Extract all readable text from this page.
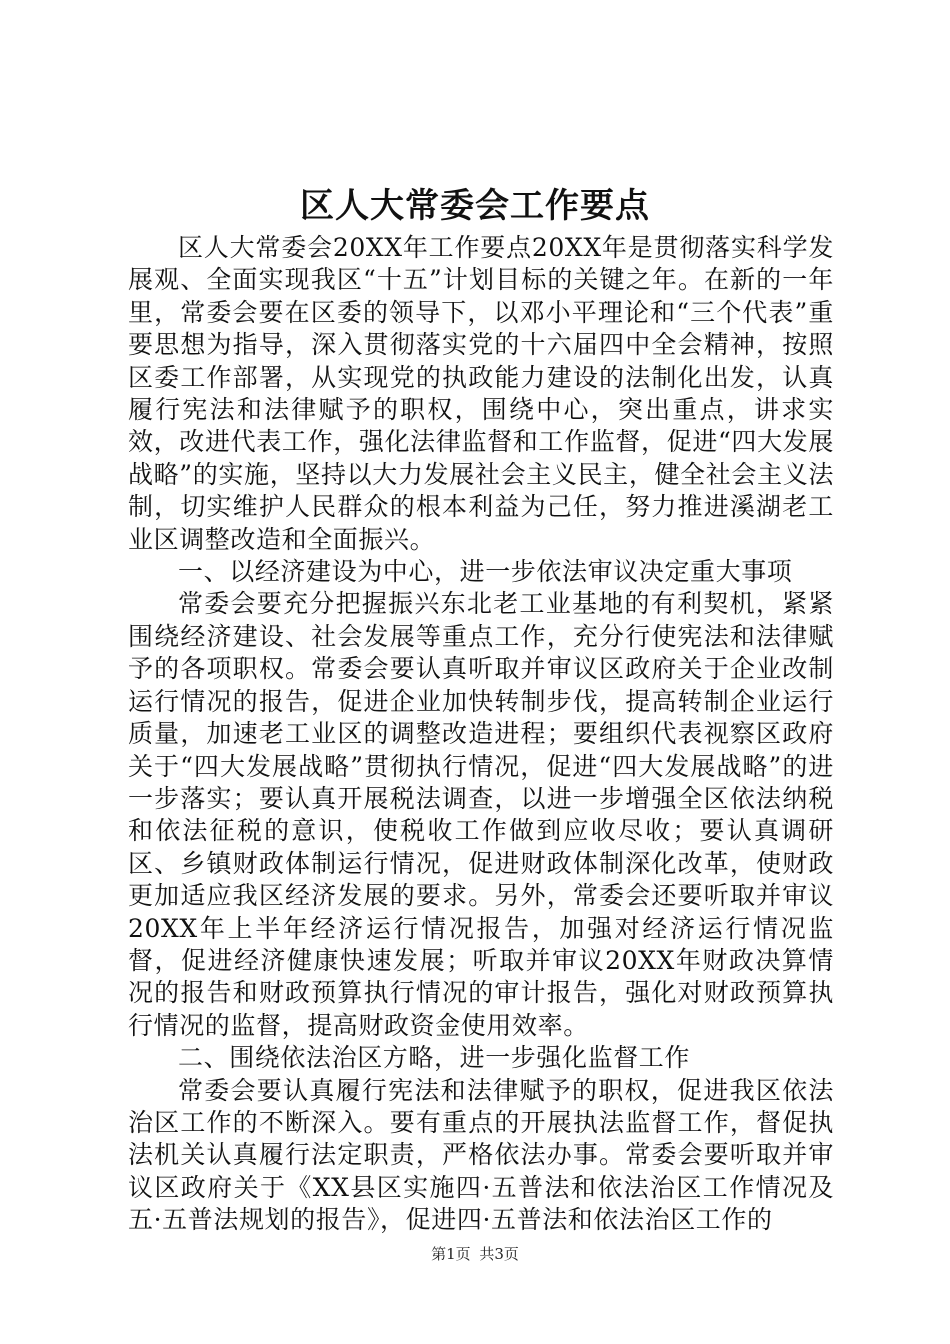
区人大常委会工作要点

区人大常委会20XX年工作要点20XX年是贯彻落实科学发展观、全面实现我区“十五”计划目标的关键之年。在新的一年里，常委会要在区委的领导下，以邓小平理论和“三个代表”重要思想为指导，深入贯彻落实党的十六届四中全会精神，按照区委工作部署，从实现党的执政能力建设的法制化出发，认真履行宪法和法律赋予的职权，围绕中心，突出重点，讲求实效，改进代表工作，强化法律监督和工作监督，促进“四大发展战略”的实施，坚持以大力发展社会主义民主，健全社会主义法制，切实维护人民群众的根本利益为己任，努力推进溪湖老工业区调整改造和全面振兴。

一、以经济建设为中心，进一步依法审议决定重大事项

常委会要充分把握振兴东北老工业基地的有利契机，紧紧围绕经济建设、社会发展等重点工作，充分行使宪法和法律赋予的各项职权。常委会要认真听取并审议区政府关于企业改制运行情况的报告，促进企业加快转制步伐，提高转制企业运行质量，加速老工业区的调整改造进程；要组织代表视察区政府关于“四大发展战略”贯彻执行情况，促进“四大发展战略”的进一步落实；要认真开展税法调查，以进一步增强全区依法纳税和依法征税的意识，使税收工作做到应收尽收；要认真调研区、乡镇财政体制运行情况，促进财政体制深化改革，使财政更加适应我区经济发展的要求。另外，常委会还要听取并审议20XX年上半年经济运行情况报告，加强对经济运行情况监督，促进经济健康快速发展；听取并审议20XX年财政决算情况的报告和财政预算执行情况的审计报告，强化对财政预算执行情况的监督，提高财政资金使用效率。

二、围绕依法治区方略，进一步强化监督工作

常委会要认真履行宪法和法律赋予的职权，促进我区依法治区工作的不断深入。要有重点的开展执法监督工作，督促执法机关认真履行法定职责，严格依法办事。常委会要听取并审议区政府关于《XX县区实施四·五普法和依法治区工作情况及五·五普法规划的报告》，促进四·五普法和依法治区工作的

第1页 共3页
